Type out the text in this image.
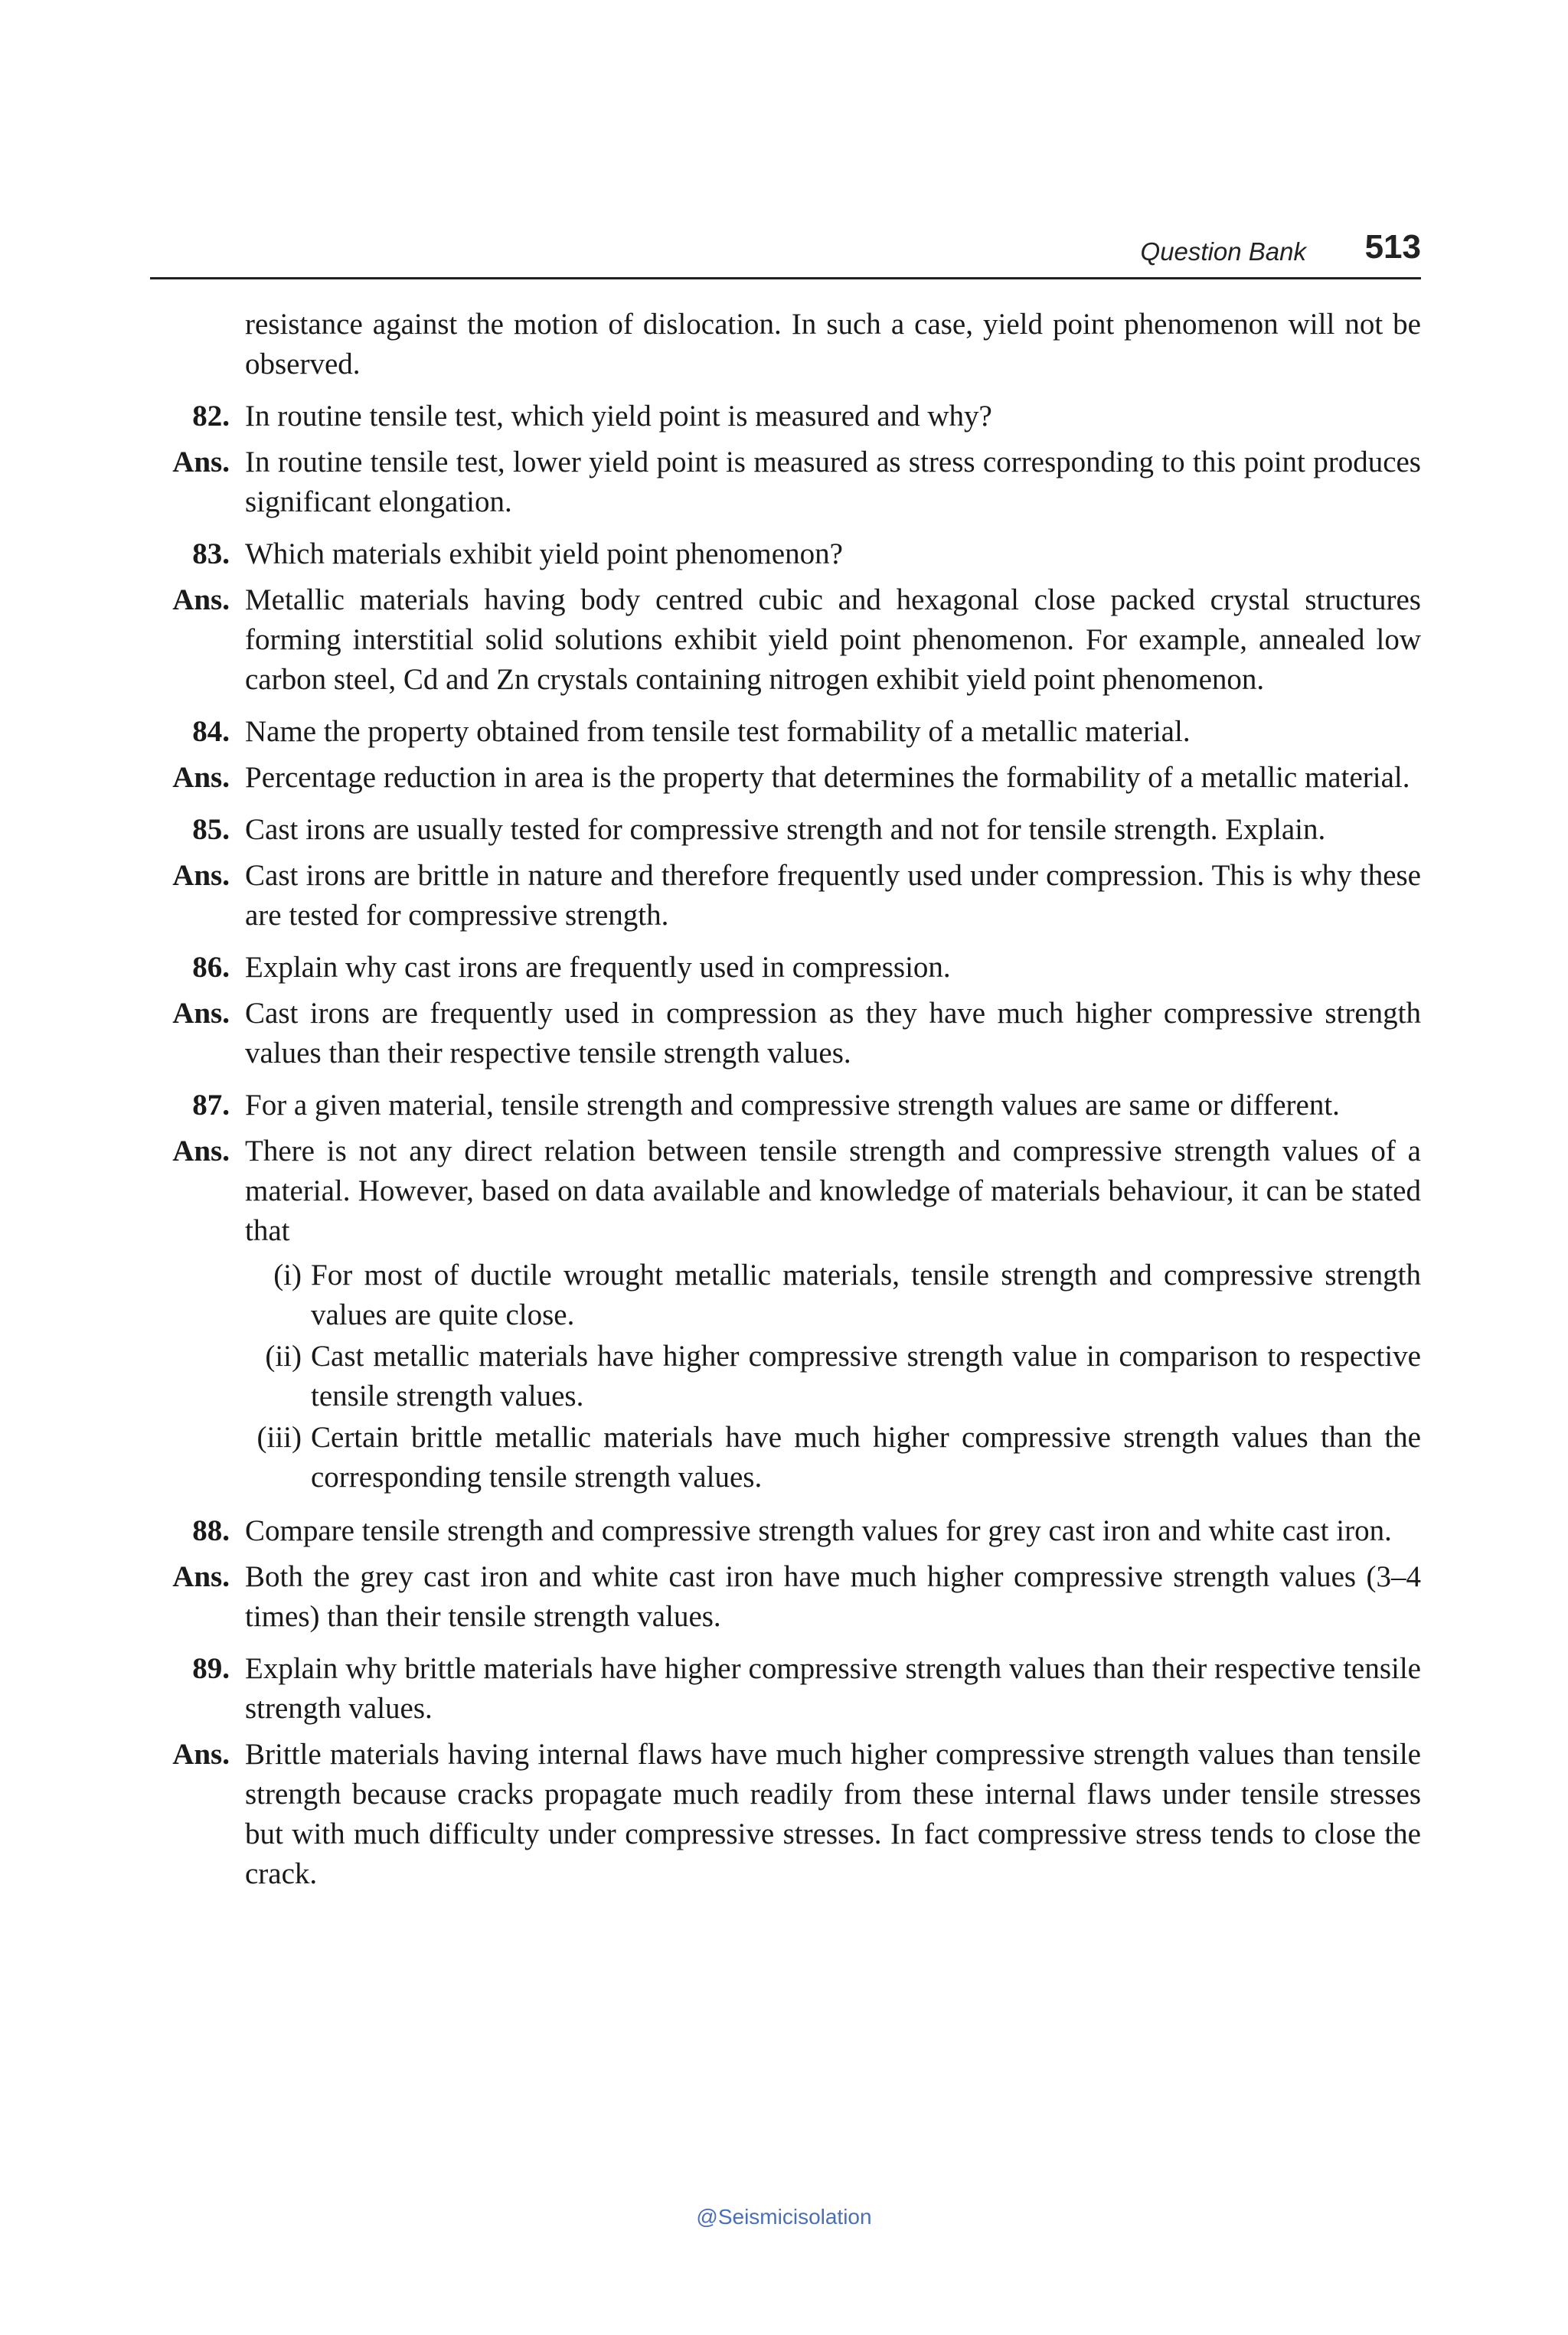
Question Bank 513

resistance against the motion of dislocation. In such a case, yield point phenomenon will not be observed.

82. In routine tensile test, which yield point is measured and why?
Ans. In routine tensile test, lower yield point is measured as stress corresponding to this point produces significant elongation.
83. Which materials exhibit yield point phenomenon?
Ans. Metallic materials having body centred cubic and hexagonal close packed crystal structures forming interstitial solid solutions exhibit yield point phenomenon. For example, annealed low carbon steel, Cd and Zn crystals containing nitrogen exhibit yield point phenomenon.
84. Name the property obtained from tensile test formability of a metallic material.
Ans. Percentage reduction in area is the property that determines the formability of a metallic material.
85. Cast irons are usually tested for compressive strength and not for tensile strength. Explain.
Ans. Cast irons are brittle in nature and therefore frequently used under compression. This is why these are tested for compressive strength.
86. Explain why cast irons are frequently used in compression.
Ans. Cast irons are frequently used in compression as they have much higher compressive strength values than their respective tensile strength values.
87. For a given material, tensile strength and compressive strength values are same or different.
Ans. There is not any direct relation between tensile strength and compressive strength values of a material. However, based on data available and knowledge of materials behaviour, it can be stated that
(i) For most of ductile wrought metallic materials, tensile strength and compressive strength values are quite close.
(ii) Cast metallic materials have higher compressive strength value in comparison to respective tensile strength values.
(iii) Certain brittle metallic materials have much higher compressive strength values than the corresponding tensile strength values.
88. Compare tensile strength and compressive strength values for grey cast iron and white cast iron.
Ans. Both the grey cast iron and white cast iron have much higher compressive strength values (3–4 times) than their tensile strength values.
89. Explain why brittle materials have higher compressive strength values than their respective tensile strength values.
Ans. Brittle materials having internal flaws have much higher compressive strength values than tensile strength because cracks propagate much readily from these internal flaws under tensile stresses but with much difficulty under compressive stresses. In fact compressive stress tends to close the crack.
@Seismicisolation
